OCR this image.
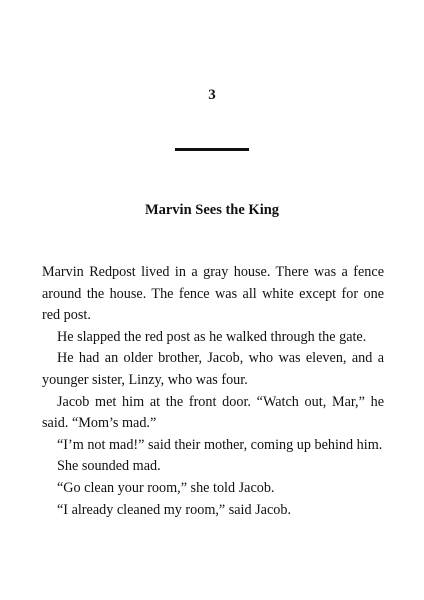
3
Marvin Sees the King

Marvin Redpost lived in a gray house. There was a fence around the house. The fence was all white except for one red post.

He slapped the red post as he walked through the gate.

He had an older brother, Jacob, who was eleven, and a younger sister, Linzy, who was four.

Jacob met him at the front door. “Watch out, Mar,” he said. “Mom’s mad.”

“I’m not mad!” said their mother, coming up behind him.

She sounded mad.

“Go clean your room,” she told Jacob.

“I already cleaned my room,” said Jacob.
